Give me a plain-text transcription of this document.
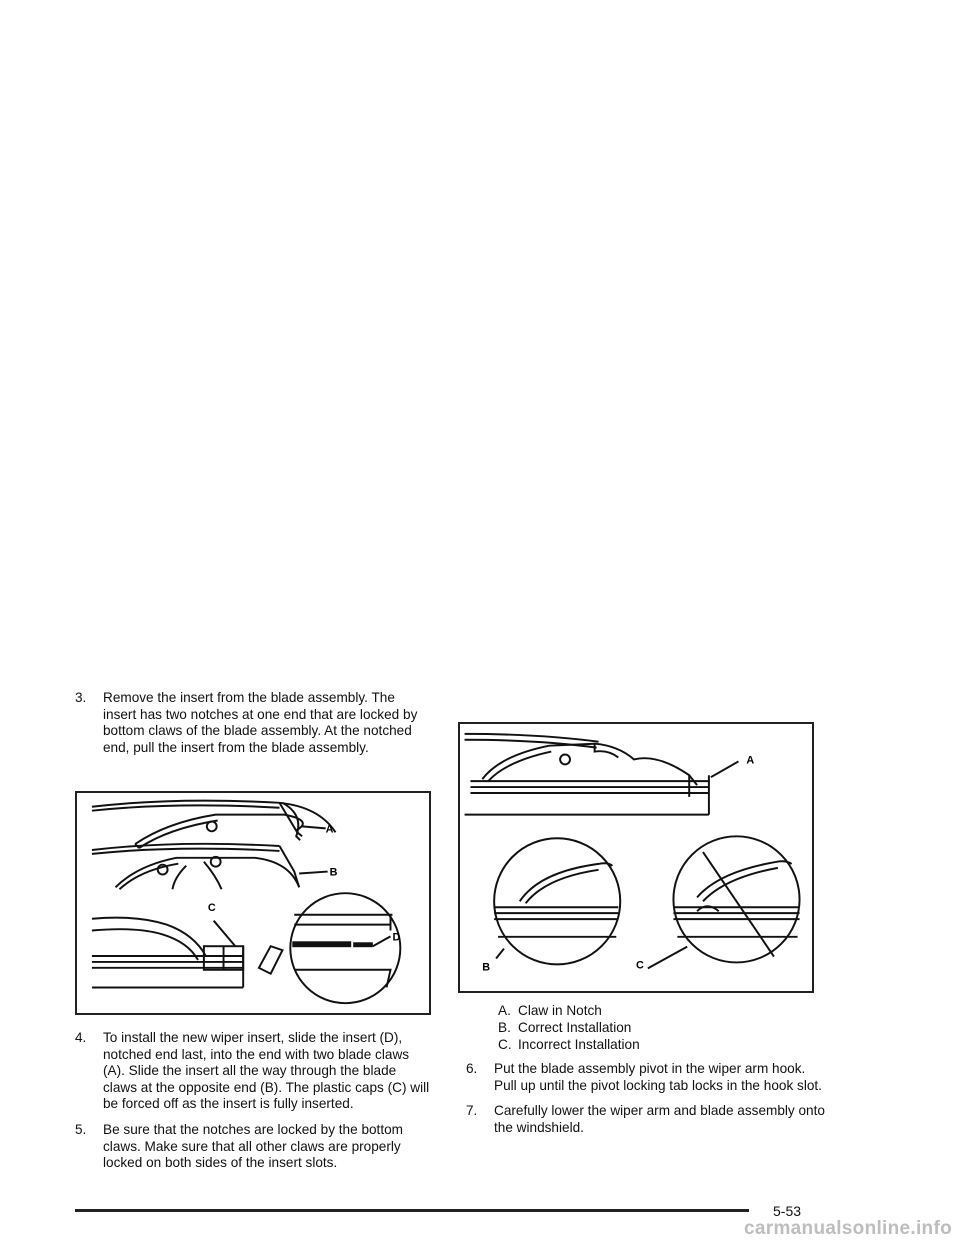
3. Remove the insert from the blade assembly. The insert has two notches at one end that are locked by bottom claws of the blade assembly. At the notched end, pull the insert from the blade assembly.
A
B
C
D
4. To install the new wiper insert, slide the insert (D), notched end last, into the end with two blade claws (A). Slide the insert all the way through the blade claws at the opposite end (B). The plastic caps (C) will be forced off as the insert is fully inserted.
5. Be sure that the notches are locked by the bottom claws. Make sure that all other claws are properly locked on both sides of the insert slots.
A
B	C
A. Claw in Notch
B. Correct Installation
C. Incorrect Installation
6. Put the blade assembly pivot in the wiper arm hook. Pull up until the pivot locking tab locks in the hook slot.
7. Carefully lower the wiper arm and blade assembly onto the windshield.
5-53
carmanualsonline.info
